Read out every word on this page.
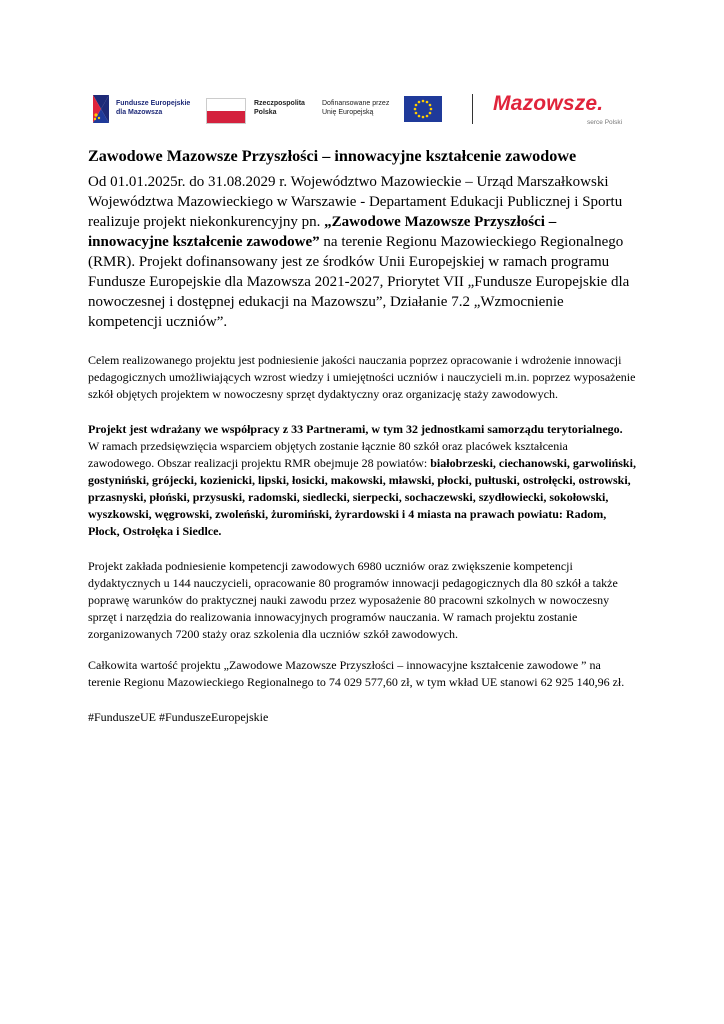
Fundusze Europejskie
dla Mazowsza
Rzeczpospolita
Polska
Dofinansowane przez
Unię Europejską	Mazowsze.
serce Polski
Zawodowe Mazowsze Przyszłości – innowacyjne kształcenie zawodowe

Od 01.01.2025r. do 31.08.2029 r. Województwo Mazowieckie – Urząd Marszałkowski Województwa Mazowieckiego w Warszawie - Departament Edukacji Publicznej i Sportu realizuje projekt niekonkurencyjny pn. „Zawodowe Mazowsze Przyszłości – innowacyjne kształcenie zawodowe” na terenie Regionu Mazowieckiego Regionalnego (RMR). Projekt dofinansowany jest ze środków Unii Europejskiej w ramach programu Fundusze Europejskie dla Mazowsza 2021-2027, Priorytet VII „Fundusze Europejskie dla nowoczesnej i dostępnej edukacji na Mazowszu”, Działanie 7.2 „Wzmocnienie kompetencji uczniów”.

Celem realizowanego projektu jest podniesienie jakości nauczania poprzez opracowanie i wdrożenie innowacji pedagogicznych umożliwiających wzrost wiedzy i umiejętności uczniów i nauczycieli m.in. poprzez wyposażenie szkół objętych projektem w nowoczesny sprzęt dydaktyczny oraz organizację staży zawodowych.

Projekt jest wdrażany we współpracy z 33 Partnerami, w tym 32 jednostkami samorządu terytorialnego. W ramach przedsięwzięcia wsparciem objętych zostanie łącznie 80 szkół oraz placówek kształcenia zawodowego. Obszar realizacji projektu RMR obejmuje 28 powiatów: białobrzeski, ciechanowski, garwoliński, gostyniński, grójecki, kozienicki, lipski, łosicki, makowski, mławski, płocki, pułtuski, ostrołęcki, ostrowski, przasnyski, płoński, przysuski, radomski, siedlecki, sierpecki, sochaczewski, szydłowiecki, sokołowski, wyszkowski, węgrowski, zwoleński, żuromiński, żyrardowski i 4 miasta na prawach powiatu: Radom, Płock, Ostrołęka i Siedlce.

Projekt zakłada podniesienie kompetencji zawodowych 6980 uczniów oraz zwiększenie kompetencji dydaktycznych u 144 nauczycieli, opracowanie 80 programów innowacji pedagogicznych dla 80 szkół a także poprawę warunków do praktycznej nauki zawodu przez wyposażenie 80 pracowni szkolnych w nowoczesny sprzęt i narzędzia do realizowania innowacyjnych programów nauczania. W ramach projektu zostanie zorganizowanych 7200 staży oraz szkolenia dla uczniów szkół zawodowych.

Całkowita wartość projektu „Zawodowe Mazowsze Przyszłości – innowacyjne kształcenie zawodowe ” na terenie Regionu Mazowieckiego Regionalnego to 74 029 577,60 zł, w tym wkład UE stanowi 62 925 140,96 zł.

#FunduszeUE #FunduszeEuropejskie
